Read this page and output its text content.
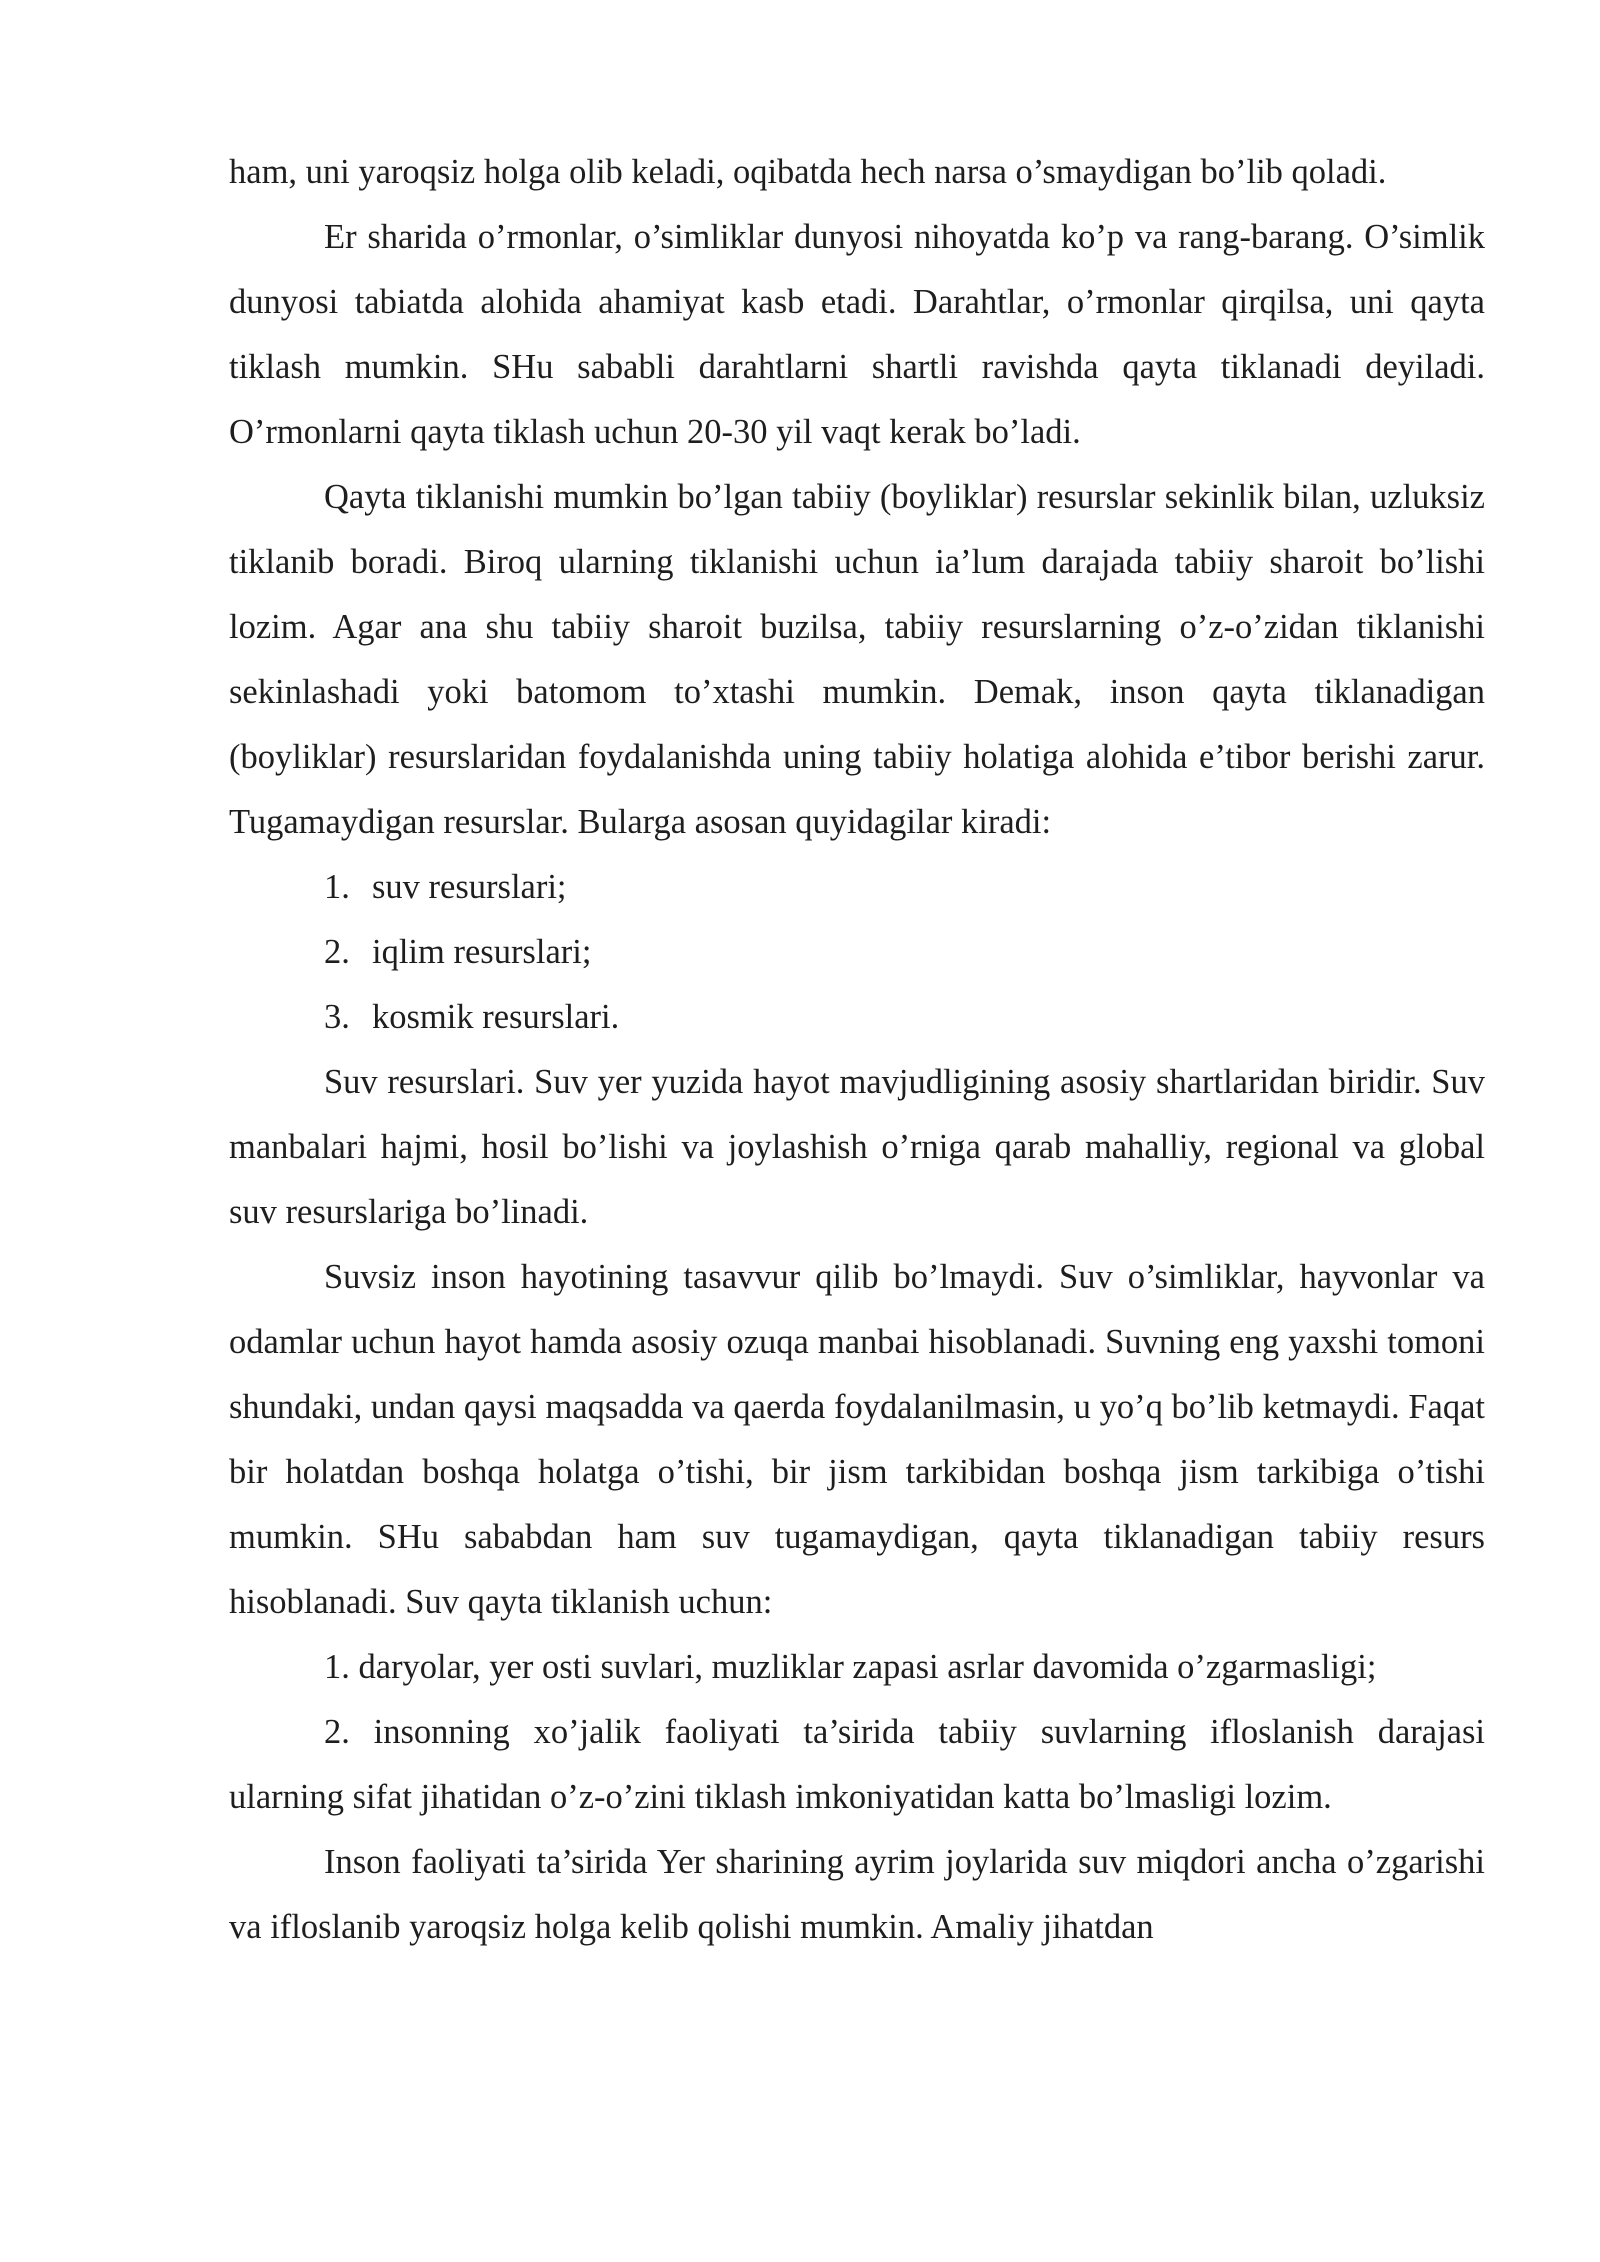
ham, uni yaroqsiz holga olib keladi, oqibatda hech narsa o’smaydigan bo’lib qoladi.

Er sharida o’rmonlar, o’simliklar dunyosi nihoyatda ko’p va rang-barang. O’simlik dunyosi tabiatda alohida ahamiyat kasb etadi. Darahtlar, o’rmonlar qirqilsa, uni qayta tiklash mumkin. SHu sababli darahtlarni shartli ravishda qayta tiklanadi deyiladi. O’rmonlarni qayta tiklash uchun 20-30 yil vaqt kerak bo’ladi.

Qayta tiklanishi mumkin bo’lgan tabiiy (boyliklar) resurslar sekinlik bilan, uzluksiz tiklanib boradi. Biroq ularning tiklanishi uchun ia’lum darajada tabiiy sharoit bo’lishi lozim. Agar ana shu tabiiy sharoit buzilsa, tabiiy resurslarning o’z-o’zidan tiklanishi sekinlashadi yoki batomom to’xtashi mumkin. Demak, inson qayta tiklanadigan (boyliklar) resurslaridan foydalanishda uning tabiiy holatiga alohida e’tibor berishi zarur. Tugamaydigan resurslar. Bularga asosan quyidagilar kiradi:

1. suv resurslari;
2. iqlim resurslari;
3. kosmik resurslari.

Suv resurslari. Suv yer yuzida hayot mavjudligining asosiy shartlaridan biridir. Suv manbalari hajmi, hosil bo’lishi va joylashish o’rniga qarab mahalliy, regional va global suv resurslariga bo’linadi.

Suvsiz inson hayotining tasavvur qilib bo’lmaydi. Suv o’simliklar, hayvonlar va odamlar uchun hayot hamda asosiy ozuqa manbai hisoblanadi. Suvning eng yaxshi tomoni shundaki, undan qaysi maqsadda va qaerda foydalanilmasin, u yo’q bo’lib ketmaydi. Faqat bir holatdan boshqa holatga o’tishi, bir jism tarkibidan boshqa jism tarkibiga o’tishi mumkin. SHu sababdan ham suv tugamaydigan, qayta tiklanadigan tabiiy resurs hisoblanadi. Suv qayta tiklanish uchun:

1. daryolar, yer osti suvlari, muzliklar zapasi asrlar davomida o’zgarmasligi;

2. insonning xo’jalik faoliyati ta’sirida tabiiy suvlarning ifloslanish darajasi ularning sifat jihatidan o’z-o’zini tiklash imkoniyatidan katta bo’lmasligi lozim.

Inson faoliyati ta’sirida Yer sharining ayrim joylarida suv miqdori ancha o’zgarishi va ifloslanib yaroqsiz holga kelib qolishi mumkin. Amaliy jihatdan
